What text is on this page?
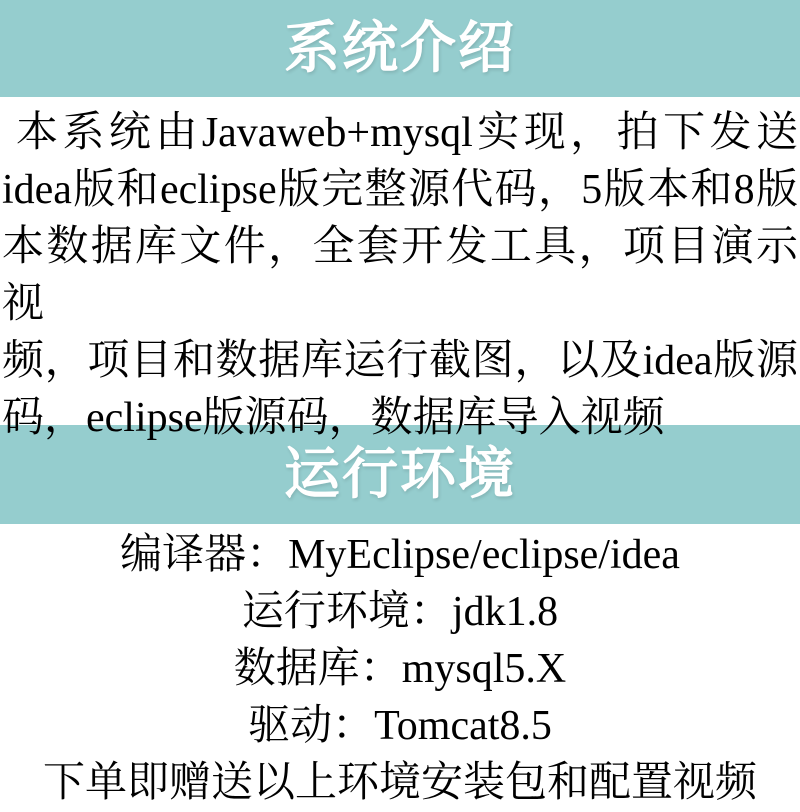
系统介绍

本系统由Javaweb+mysql实现，拍下发送

idea版和eclipse版完整源代码，5版本和8版

本数据库文件，全套开发工具，项目演示视

频，项目和数据库运行截图，以及idea版源

码，eclipse版源码，数据库导入视频

运行环境

编译器：MyEclipse/eclipse/idea

运行环境：jdk1.8

数据库：mysql5.X

驱动：Tomcat8.5

下单即赠送以上环境安装包和配置视频
